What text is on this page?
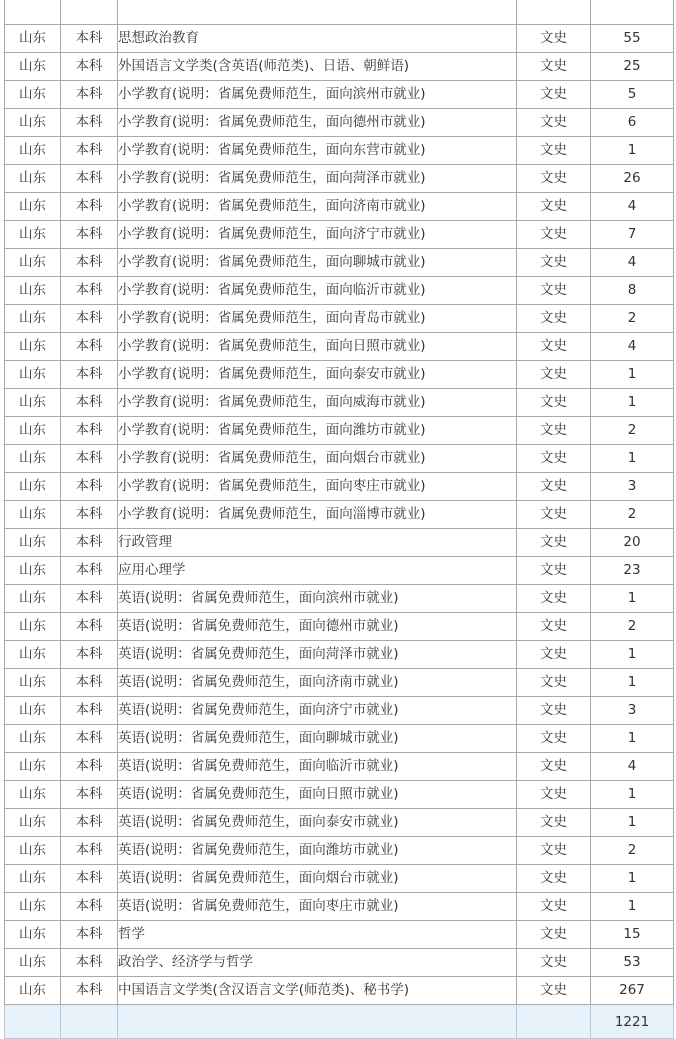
山东	本科	思想政治教育	文史	55
山东	本科	外国语言文学类(含英语(师范类)、日语、朝鲜语)	文史	25
山东	本科	小学教育(说明：省属免费师范生，面向滨州市就业)	文史	5
山东	本科	小学教育(说明：省属免费师范生，面向德州市就业)	文史	6
山东	本科	小学教育(说明：省属免费师范生，面向东营市就业)	文史	1
山东	本科	小学教育(说明：省属免费师范生，面向菏泽市就业)	文史	26
山东	本科	小学教育(说明：省属免费师范生，面向济南市就业)	文史	4
山东	本科	小学教育(说明：省属免费师范生，面向济宁市就业)	文史	7
山东	本科	小学教育(说明：省属免费师范生，面向聊城市就业)	文史	4
山东	本科	小学教育(说明：省属免费师范生，面向临沂市就业)	文史	8
山东	本科	小学教育(说明：省属免费师范生，面向青岛市就业)	文史	2
山东	本科	小学教育(说明：省属免费师范生，面向日照市就业)	文史	4
山东	本科	小学教育(说明：省属免费师范生，面向泰安市就业)	文史	1
山东	本科	小学教育(说明：省属免费师范生，面向威海市就业)	文史	1
山东	本科	小学教育(说明：省属免费师范生，面向潍坊市就业)	文史	2
山东	本科	小学教育(说明：省属免费师范生，面向烟台市就业)	文史	1
山东	本科	小学教育(说明：省属免费师范生，面向枣庄市就业)	文史	3
山东	本科	小学教育(说明：省属免费师范生，面向淄博市就业)	文史	2
山东	本科	行政管理	文史	20
山东	本科	应用心理学	文史	23
山东	本科	英语(说明：省属免费师范生，面向滨州市就业)	文史	1
山东	本科	英语(说明：省属免费师范生，面向德州市就业)	文史	2
山东	本科	英语(说明：省属免费师范生，面向菏泽市就业)	文史	1
山东	本科	英语(说明：省属免费师范生，面向济南市就业)	文史	1
山东	本科	英语(说明：省属免费师范生，面向济宁市就业)	文史	3
山东	本科	英语(说明：省属免费师范生，面向聊城市就业)	文史	1
山东	本科	英语(说明：省属免费师范生，面向临沂市就业)	文史	4
山东	本科	英语(说明：省属免费师范生，面向日照市就业)	文史	1
山东	本科	英语(说明：省属免费师范生，面向泰安市就业)	文史	1
山东	本科	英语(说明：省属免费师范生，面向潍坊市就业)	文史	2
山东	本科	英语(说明：省属免费师范生，面向烟台市就业)	文史	1
山东	本科	英语(说明：省属免费师范生，面向枣庄市就业)	文史	1
山东	本科	哲学	文史	15
山东	本科	政治学、经济学与哲学	文史	53
山东	本科	中国语言文学类(含汉语言文学(师范类)、秘书学)	文史	267
				1221
